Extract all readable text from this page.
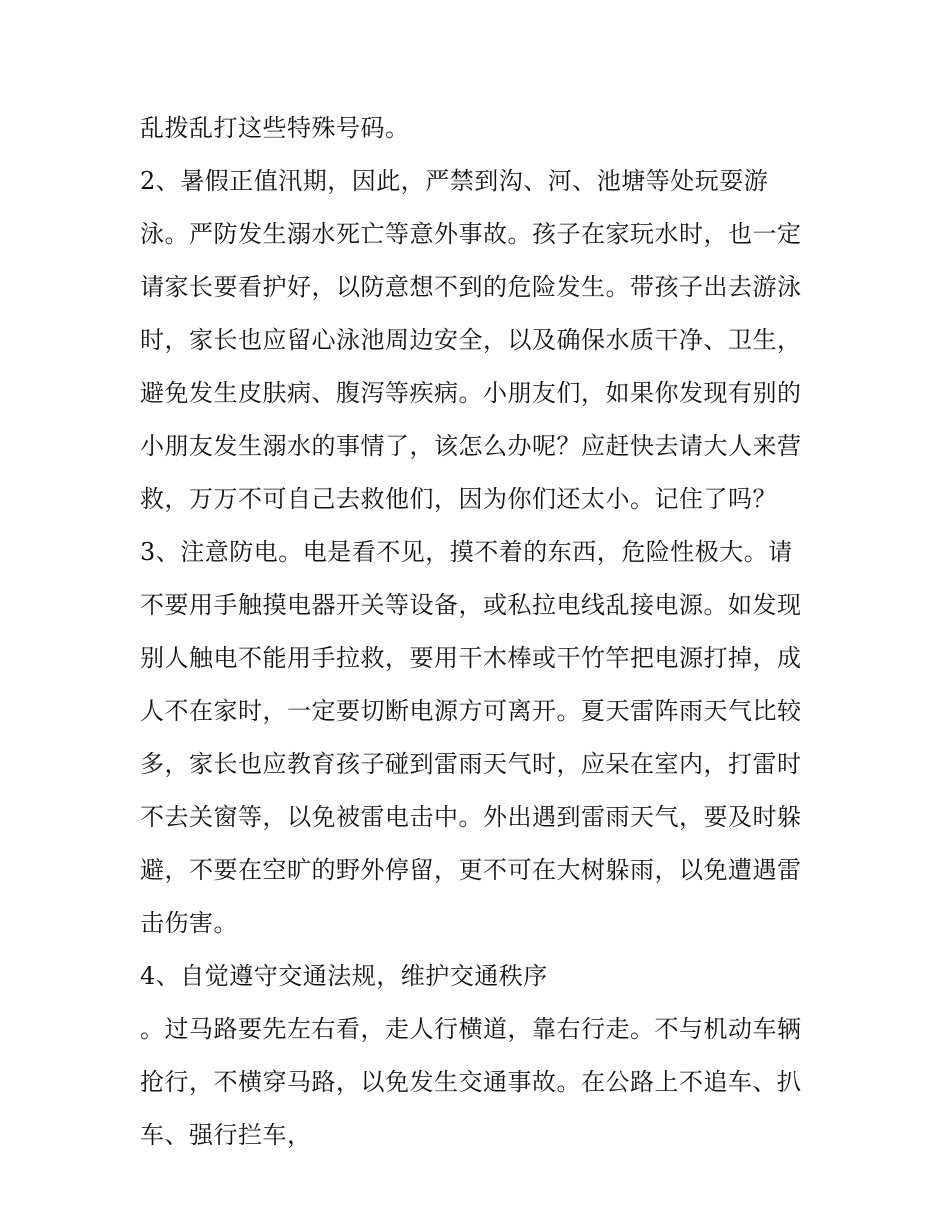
乱拨乱打这些特殊号码。
2、暑假正值汛期，因此，严禁到沟、河、池塘等处玩耍游
泳。严防发生溺水死亡等意外事故。孩子在家玩水时，也一定
请家长要看护好，以防意想不到的危险发生。带孩子出去游泳
时，家长也应留心泳池周边安全，以及确保水质干净、卫生，
避免发生皮肤病、腹泻等疾病。小朋友们，如果你发现有别的
小朋友发生溺水的事情了，该怎么办呢？应赶快去请大人来营
救，万万不可自己去救他们，因为你们还太小。记住了吗？
3、注意防电。电是看不见，摸不着的东西，危险性极大。请
不要用手触摸电器开关等设备，或私拉电线乱接电源。如发现
别人触电不能用手拉救，要用干木棒或干竹竿把电源打掉，成
人不在家时，一定要切断电源方可离开。夏天雷阵雨天气比较
多，家长也应教育孩子碰到雷雨天气时，应呆在室内，打雷时
不去关窗等，以免被雷电击中。外出遇到雷雨天气，要及时躲
避，不要在空旷的野外停留，更不可在大树躲雨，以免遭遇雷
击伤害。
4、自觉遵守交通法规，维护交通秩序
。过马路要先左右看，走人行横道，靠右行走。不与机动车辆
抢行，不横穿马路，以免发生交通事故。在公路上不追车、扒
车、强行拦车，
